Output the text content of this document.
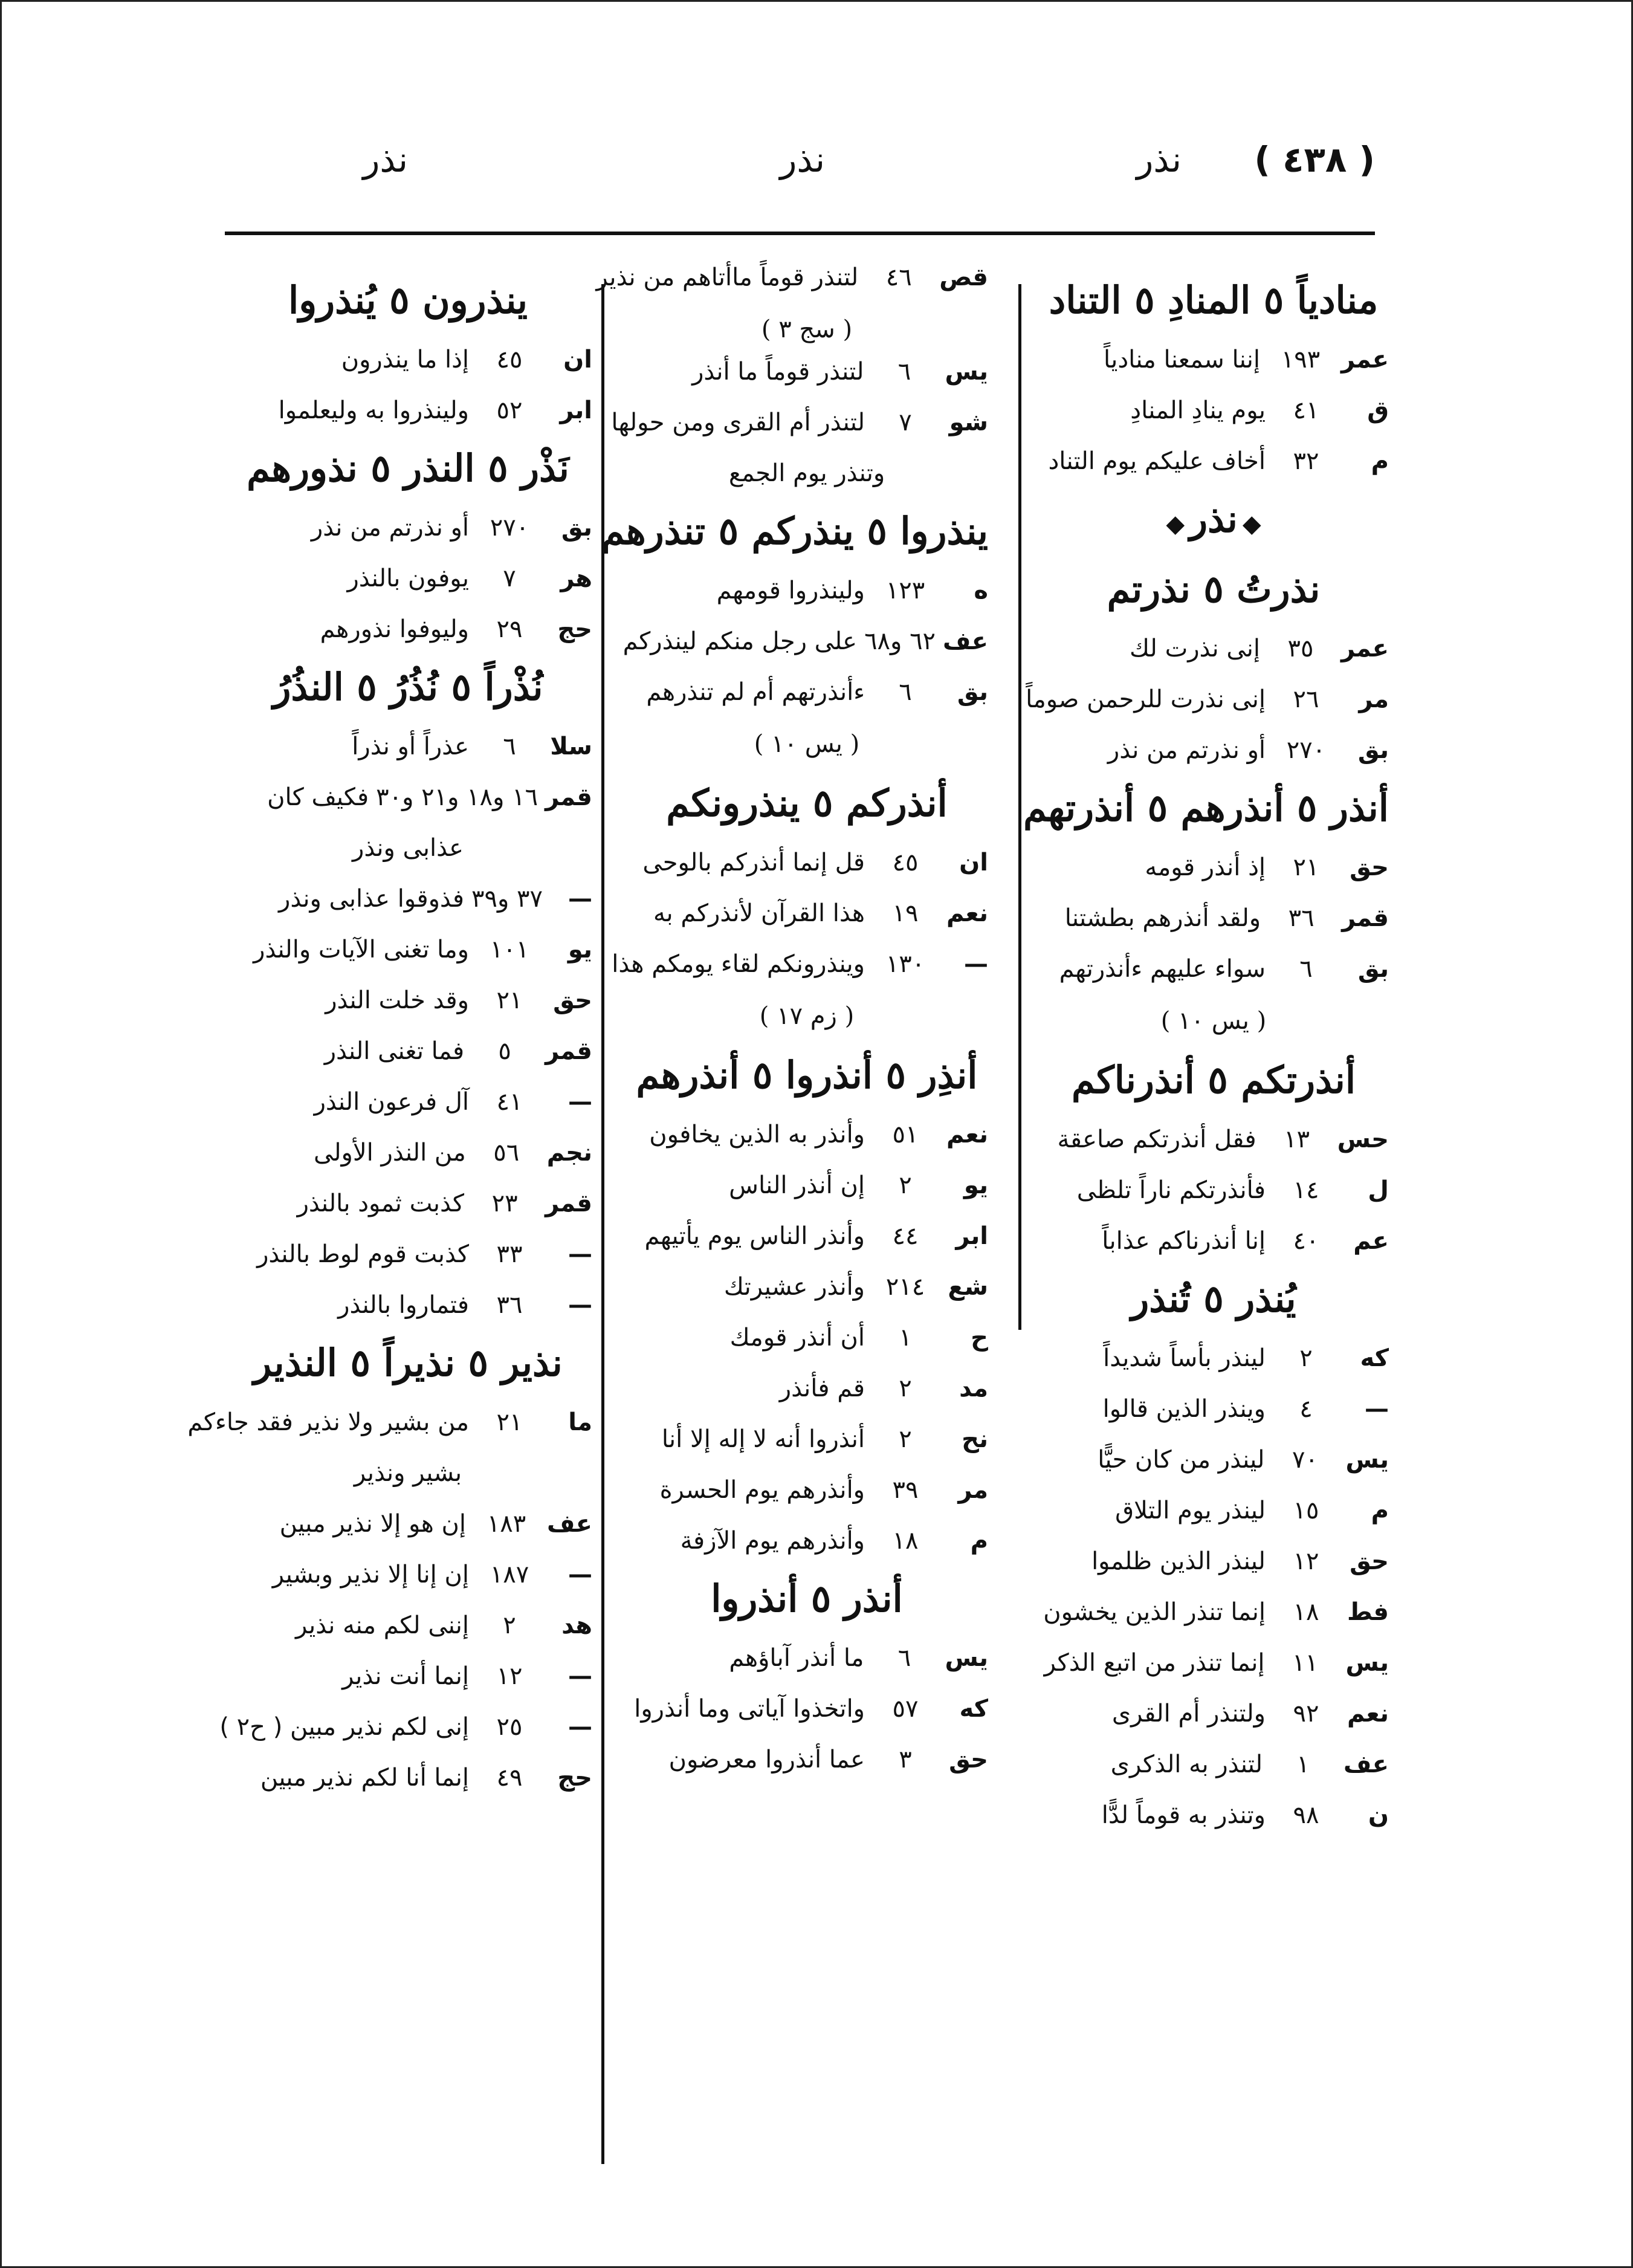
( ٤٣٨ )
نذر
نذر
نذر
منادياً ٥ المنادِ ٥ التناد
عمر
١٩٣
إننا سمعنا منادياً
ق
٤١
يوم ينادِ المنادِ
م
٣٢
أخاف عليكم يوم التناد
◆نذر◆
نذرتُ ٥ نذرتم
عمر
٣٥
إنى نذرت لك
مر
٢٦
إنى نذرت للرحمن صوماً
بق
٢٧٠
أو نذرتم من نذر
أنذر ٥ أنذرهم ٥ أنذرتهم
حق
٢١
إذ أنذر قومه
قمر
٣٦
ولقد أنذرهم بطشتنا
بق
٦
سواء عليهم ءأنذرتهم
( يس ١٠ )
أنذرتكم ٥ أنذرناكم
حس
١٣
فقل أنذرتكم صاعقة
ل
١٤
فأنذرتكم ناراً تلظى
عم
٤٠
إنا أنذرناكم عذاباً
يُنذر ٥ تُنذر
كه
٢
لينذر بأساً شديداً
—
٤
وينذر الذين قالوا
يس
٧٠
لينذر من كان حيًّا
م
١٥
لينذر يوم التلاق
حق
١٢
لينذر الذين ظلموا
فط
١٨
إنما تنذر الذين يخشون
يس
١١
إنما تنذر من اتبع الذكر
نعم
٩٢
ولتنذر أم القرى
عف
١
لتنذر به الذكرى
ن
٩٨
وتنذر به قوماً لدًّا
قص
٤٦
لتنذر قوماً ماأتاهم من نذير
( سج ٣ )
يس
٦
لتنذر قوماً ما أنذر
شو
٧
لتنذر أم القرى ومن حولها
وتنذر يوم الجمع
ينذروا ٥ ينذركم ٥ تنذرهم
ه
١٢٣
ولينذروا قومهم
عف
٦٢ و٦٨
على رجل منكم لينذركم
بق
٦
ءأنذرتهم أم لم تنذرهم
( يس ١٠ )
أنذركم ٥ ينذرونكم
ان
٤٥
قل إنما أنذركم بالوحى
نعم
١٩
هذا القرآن لأنذركم به
—
١٣٠
وينذرونكم لقاء يومكم هذا
( زم ١٧ )
أنذِر ٥ أنذروا ٥ أنذرهم
نعم
٥١
وأنذر به الذين يخافون
يو
٢
إن أنذر الناس
ابر
٤٤
وأنذر الناس يوم يأتيهم
شع
٢١٤
وأنذر عشيرتك
ح
١
أن أنذر قومك
مد
٢
قم فأنذر
نح
٢
أنذروا أنه لا إله إلا أنا
مر
٣٩
وأنذرهم يوم الحسرة
م
١٨
وأنذرهم يوم الآزفة
أنذر ٥ أنذروا
يس
٦
ما أنذر آباؤهم
كه
٥٧
واتخذوا آياتى وما أنذروا
حق
٣
عما أنذروا معرضون
ينذرون ٥ يُنذروا
ان
٤٥
إذا ما ينذرون
ابر
٥٢
ولينذروا به وليعلموا
نَذْر ٥ النذر ٥ نذورهم
بق
٢٧٠
أو نذرتم من نذر
هر
٧
يوفون بالنذر
حج
٢٩
وليوفوا نذورهم
نُذْراً ٥ نُذُرُ ٥ النذُرُ
سلا
٦
عذراً أو نذراً
قمر
١٦ و١٨ و٢١ و٣٠
فكيف كان
عذابى ونذر
—
٣٧ و٣٩
فذوقوا عذابى ونذر
يو
١٠١
وما تغنى الآيات والنذر
حق
٢١
وقد خلت النذر
قمر
٥
فما تغنى النذر
—
٤١
آل فرعون النذر
نجم
٥٦
من النذر الأولى
قمر
٢٣
كذبت ثمود بالنذر
—
٣٣
كذبت قوم لوط بالنذر
—
٣٦
فتماروا بالنذر
نذير ٥ نذيراً ٥ النذير
ما
٢١
من بشير ولا نذير فقد جاءكم
بشير ونذير
عف
١٨٣
إن هو إلا نذير مبين
—
١٨٧
إن إنا إلا نذير وبشير
هد
٢
إننى لكم منه نذير
—
١٢
إنما أنت نذير
—
٢٥
إنى لكم نذير مبين ( ح٢ )
حج
٤٩
إنما أنا لكم نذير مبين
